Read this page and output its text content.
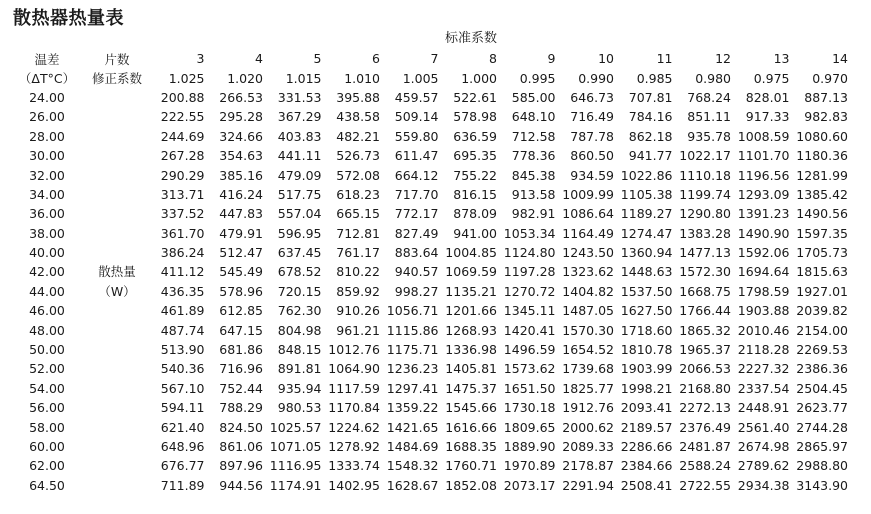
散热器热量表
标准系数
温差	片数	3	4	5	6	7	8	9	10	11	12	13	14
（ΔT°C）	修正系数	1.025	1.020	1.015	1.010	1.005	1.000	0.995	0.990	0.985	0.980	0.975	0.970
24.00		200.88	266.53	331.53	395.88	459.57	522.61	585.00	646.73	707.81	768.24	828.01	887.13
26.00		222.55	295.28	367.29	438.58	509.14	578.98	648.10	716.49	784.16	851.11	917.33	982.83
28.00		244.69	324.66	403.83	482.21	559.80	636.59	712.58	787.78	862.18	935.78	1008.59	1080.60
30.00		267.28	354.63	441.11	526.73	611.47	695.35	778.36	860.50	941.77	1022.17	1101.70	1180.36
32.00		290.29	385.16	479.09	572.08	664.12	755.22	845.38	934.59	1022.86	1110.18	1196.56	1281.99
34.00		313.71	416.24	517.75	618.23	717.70	816.15	913.58	1009.99	1105.38	1199.74	1293.09	1385.42
36.00		337.52	447.83	557.04	665.15	772.17	878.09	982.91	1086.64	1189.27	1290.80	1391.23	1490.56
38.00		361.70	479.91	596.95	712.81	827.49	941.00	1053.34	1164.49	1274.47	1383.28	1490.90	1597.35
40.00		386.24	512.47	637.45	761.17	883.64	1004.85	1124.80	1243.50	1360.94	1477.13	1592.06	1705.73
42.00	散热量	411.12	545.49	678.52	810.22	940.57	1069.59	1197.28	1323.62	1448.63	1572.30	1694.64	1815.63
44.00	（W）	436.35	578.96	720.15	859.92	998.27	1135.21	1270.72	1404.82	1537.50	1668.75	1798.59	1927.01
46.00		461.89	612.85	762.30	910.26	1056.71	1201.66	1345.11	1487.05	1627.50	1766.44	1903.88	2039.82
48.00		487.74	647.15	804.98	961.21	1115.86	1268.93	1420.41	1570.30	1718.60	1865.32	2010.46	2154.00
50.00		513.90	681.86	848.15	1012.76	1175.71	1336.98	1496.59	1654.52	1810.78	1965.37	2118.28	2269.53
52.00		540.36	716.96	891.81	1064.90	1236.23	1405.81	1573.62	1739.68	1903.99	2066.53	2227.32	2386.36
54.00		567.10	752.44	935.94	1117.59	1297.41	1475.37	1651.50	1825.77	1998.21	2168.80	2337.54	2504.45
56.00		594.11	788.29	980.53	1170.84	1359.22	1545.66	1730.18	1912.76	2093.41	2272.13	2448.91	2623.77
58.00		621.40	824.50	1025.57	1224.62	1421.65	1616.66	1809.65	2000.62	2189.57	2376.49	2561.40	2744.28
60.00		648.96	861.06	1071.05	1278.92	1484.69	1688.35	1889.90	2089.33	2286.66	2481.87	2674.98	2865.97
62.00		676.77	897.96	1116.95	1333.74	1548.32	1760.71	1970.89	2178.87	2384.66	2588.24	2789.62	2988.80
64.50		711.89	944.56	1174.91	1402.95	1628.67	1852.08	2073.17	2291.94	2508.41	2722.55	2934.38	3143.90
